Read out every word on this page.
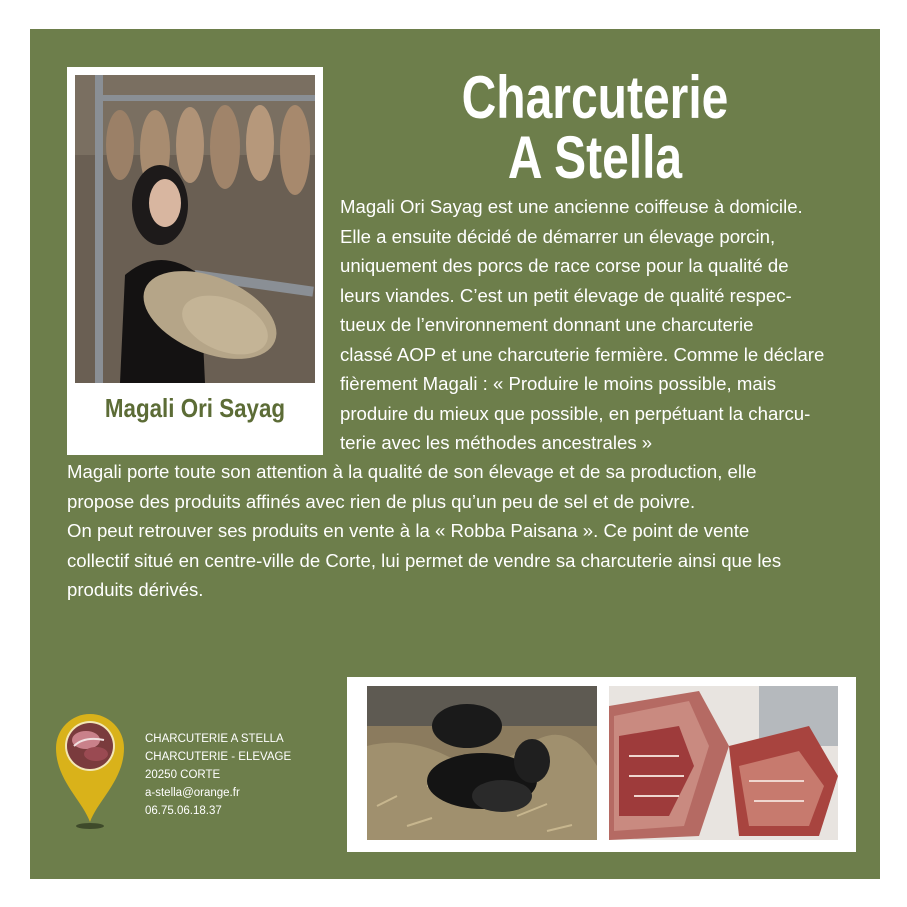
Magali Ori Sayag
Charcuterie
A Stella
Magali Ori Sayag est une ancienne coiffeuse à domicile.
Elle a ensuite décidé de démarrer un élevage porcin,
uniquement des porcs de race corse pour la qualité de
leurs viandes. C’est un petit élevage de qualité respec-
tueux de l’environnement donnant une charcuterie
classé AOP et une charcuterie fermière. Comme le déclare
fièrement Magali : « Produire le moins possible, mais
produire du mieux que possible, en perpétuant la charcu-
terie avec les méthodes ancestrales »
Magali porte toute son attention à la qualité de son élevage et de sa production, elle
propose des produits affinés avec rien de plus qu’un peu de sel et de poivre.
On peut retrouver ses produits en vente à la « Robba Paisana ». Ce point de vente
collectif situé en centre-ville de Corte, lui permet de vendre sa charcuterie ainsi que les
produits dérivés.
CHARCUTERIE A STELLA
CHARCUTERIE - ELEVAGE
20250 CORTE
a-stella@orange.fr
06.75.06.18.37
